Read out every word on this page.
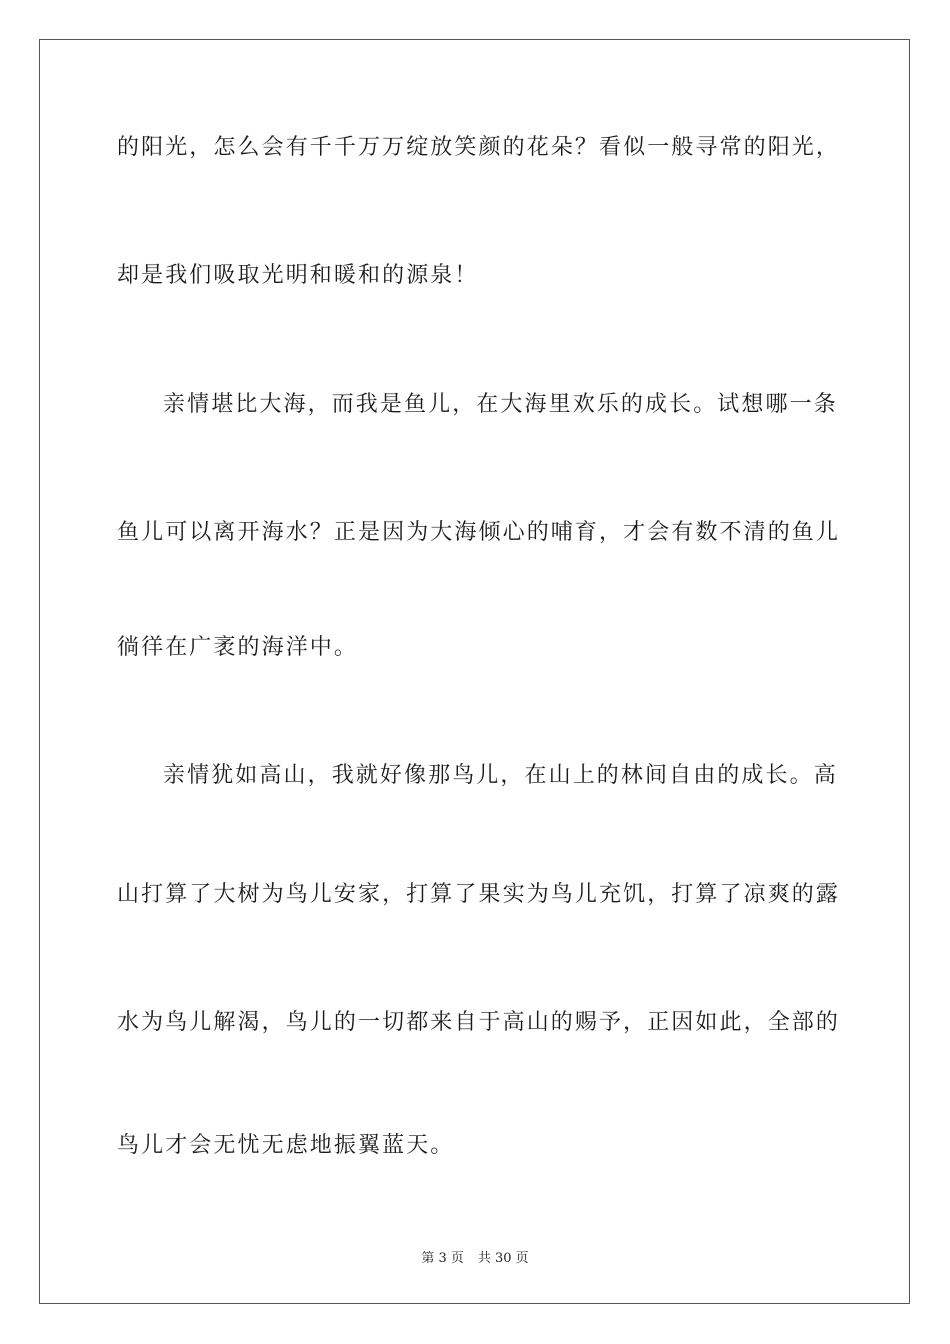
的阳光，怎么会有千千万万绽放笑颜的花朵？看似一般寻常的阳光，
却是我们吸取光明和暖和的源泉！
亲情堪比大海，而我是鱼儿，在大海里欢乐的成长。试想哪一条
鱼儿可以离开海水？正是因为大海倾心的哺育，才会有数不清的鱼儿
徜徉在广袤的海洋中。
亲情犹如高山，我就好像那鸟儿，在山上的林间自由的成长。高
山打算了大树为鸟儿安家，打算了果实为鸟儿充饥，打算了凉爽的露
水为鸟儿解渴，鸟儿的一切都来自于高山的赐予，正因如此，全部的
鸟儿才会无忧无虑地振翼蓝天。
第 3 页 共 30 页
